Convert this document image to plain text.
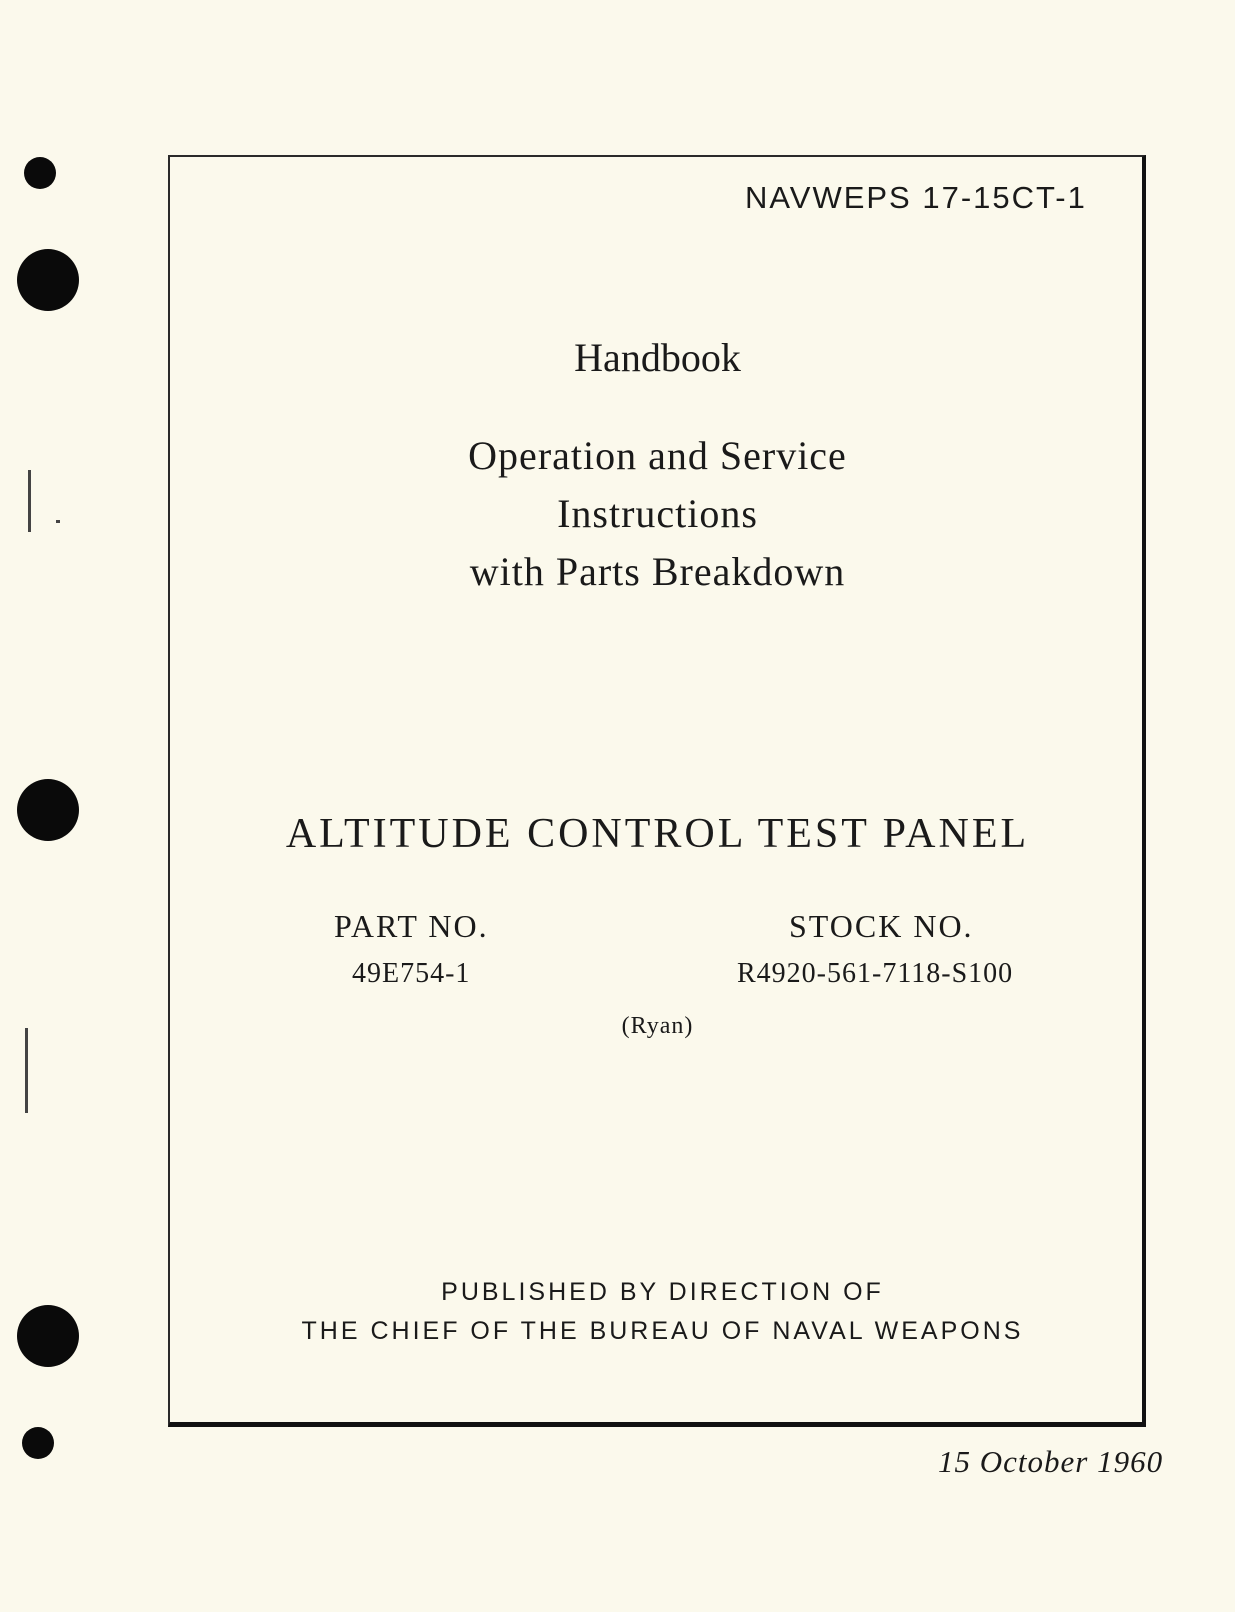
NAVWEPS 17-15CT-1
Handbook
Operation and Service
Instructions
with Parts Breakdown
ALTITUDE CONTROL TEST PANEL
PART NO.
49E754-1
STOCK NO.
R4920-561-7118-S100
(Ryan)
PUBLISHED BY DIRECTION OF
THE CHIEF OF THE BUREAU OF NAVAL WEAPONS
15 October 1960
